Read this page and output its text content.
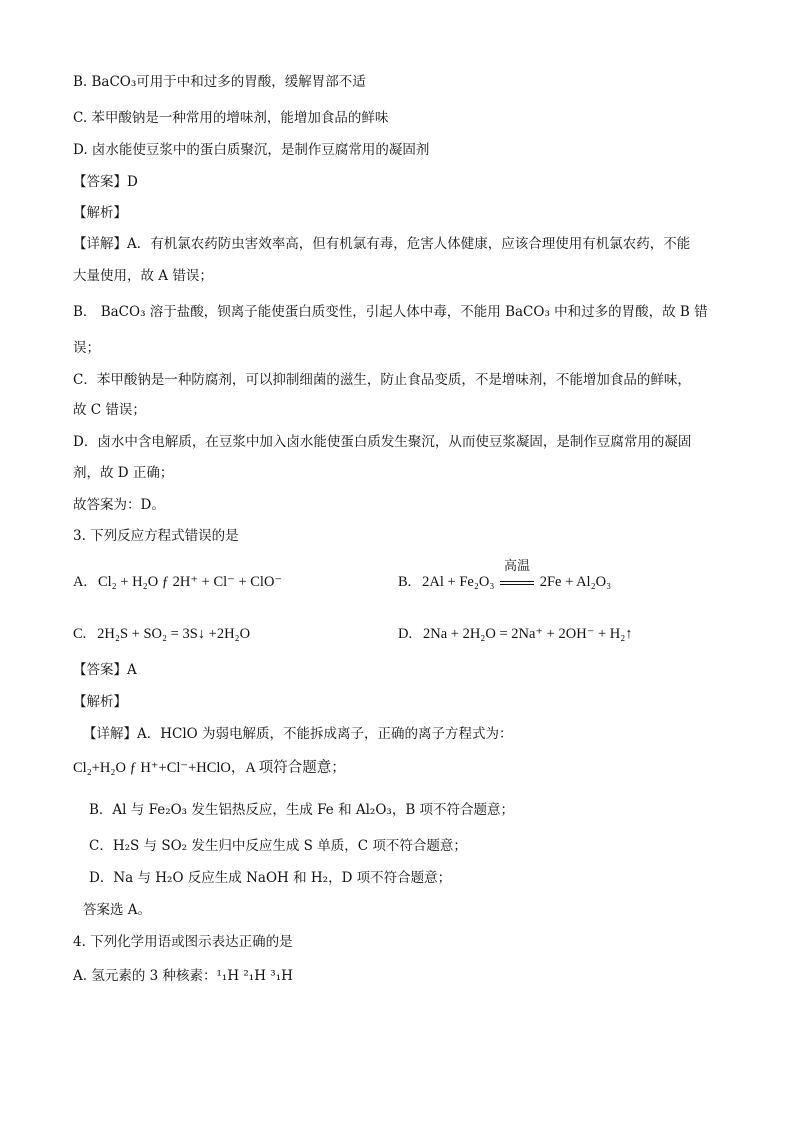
B. BaCO₃可用于中和过多的胃酸，缓解胃部不适
C. 苯甲酸钠是一种常用的增味剂，能增加食品的鲜味
D. 卤水能使豆浆中的蛋白质聚沉，是制作豆腐常用的凝固剂
【答案】D
【解析】
【详解】A．有机氯农药防虫害效率高，但有机氯有毒，危害人体健康，应该合理使用有机氯农药，不能
大量使用，故 A 错误；
B． BaCO₃ 溶于盐酸，钡离子能使蛋白质变性，引起人体中毒，不能用 BaCO₃ 中和过多的胃酸，故 B 错
误；
C．苯甲酸钠是一种防腐剂，可以抑制细菌的滋生，防止食品变质，不是增味剂，不能增加食品的鲜味，
故 C 错误；
D．卤水中含电解质，在豆浆中加入卤水能使蛋白质发生聚沉，从而使豆浆凝固，是制作豆腐常用的凝固
剂，故 D 正确；
故答案为：D。
3. 下列反应方程式错误的是
A. Cl₂ + H₂O ƒ 2H⁺ + Cl⁻ + ClO⁻	B. 2Al + Fe₂O₃
高温
2Fe + Al₂O₃
C. 2H₂S + SO₂ = 3S↓ +2H₂O	D. 2Na + 2H₂O = 2Na⁺ + 2OH⁻ + H₂↑
【答案】A
【解析】
【详解】A．HClO 为弱电解质，不能拆成离子，正确的离子方程式为：
Cl₂+H₂O ƒ H⁺+Cl⁻+HClO，A 项符合题意；
B．Al 与 Fe₂O₃ 发生铝热反应，生成 Fe 和 Al₂O₃，B 项不符合题意；
C．H₂S 与 SO₂ 发生归中反应生成 S 单质，C 项不符合题意；
D．Na 与 H₂O 反应生成 NaOH 和 H₂，D 项不符合题意；
答案选 A。
4. 下列化学用语或图示表达正确的是
A. 氢元素的 3 种核素：¹₁H ²₁H ³₁H
